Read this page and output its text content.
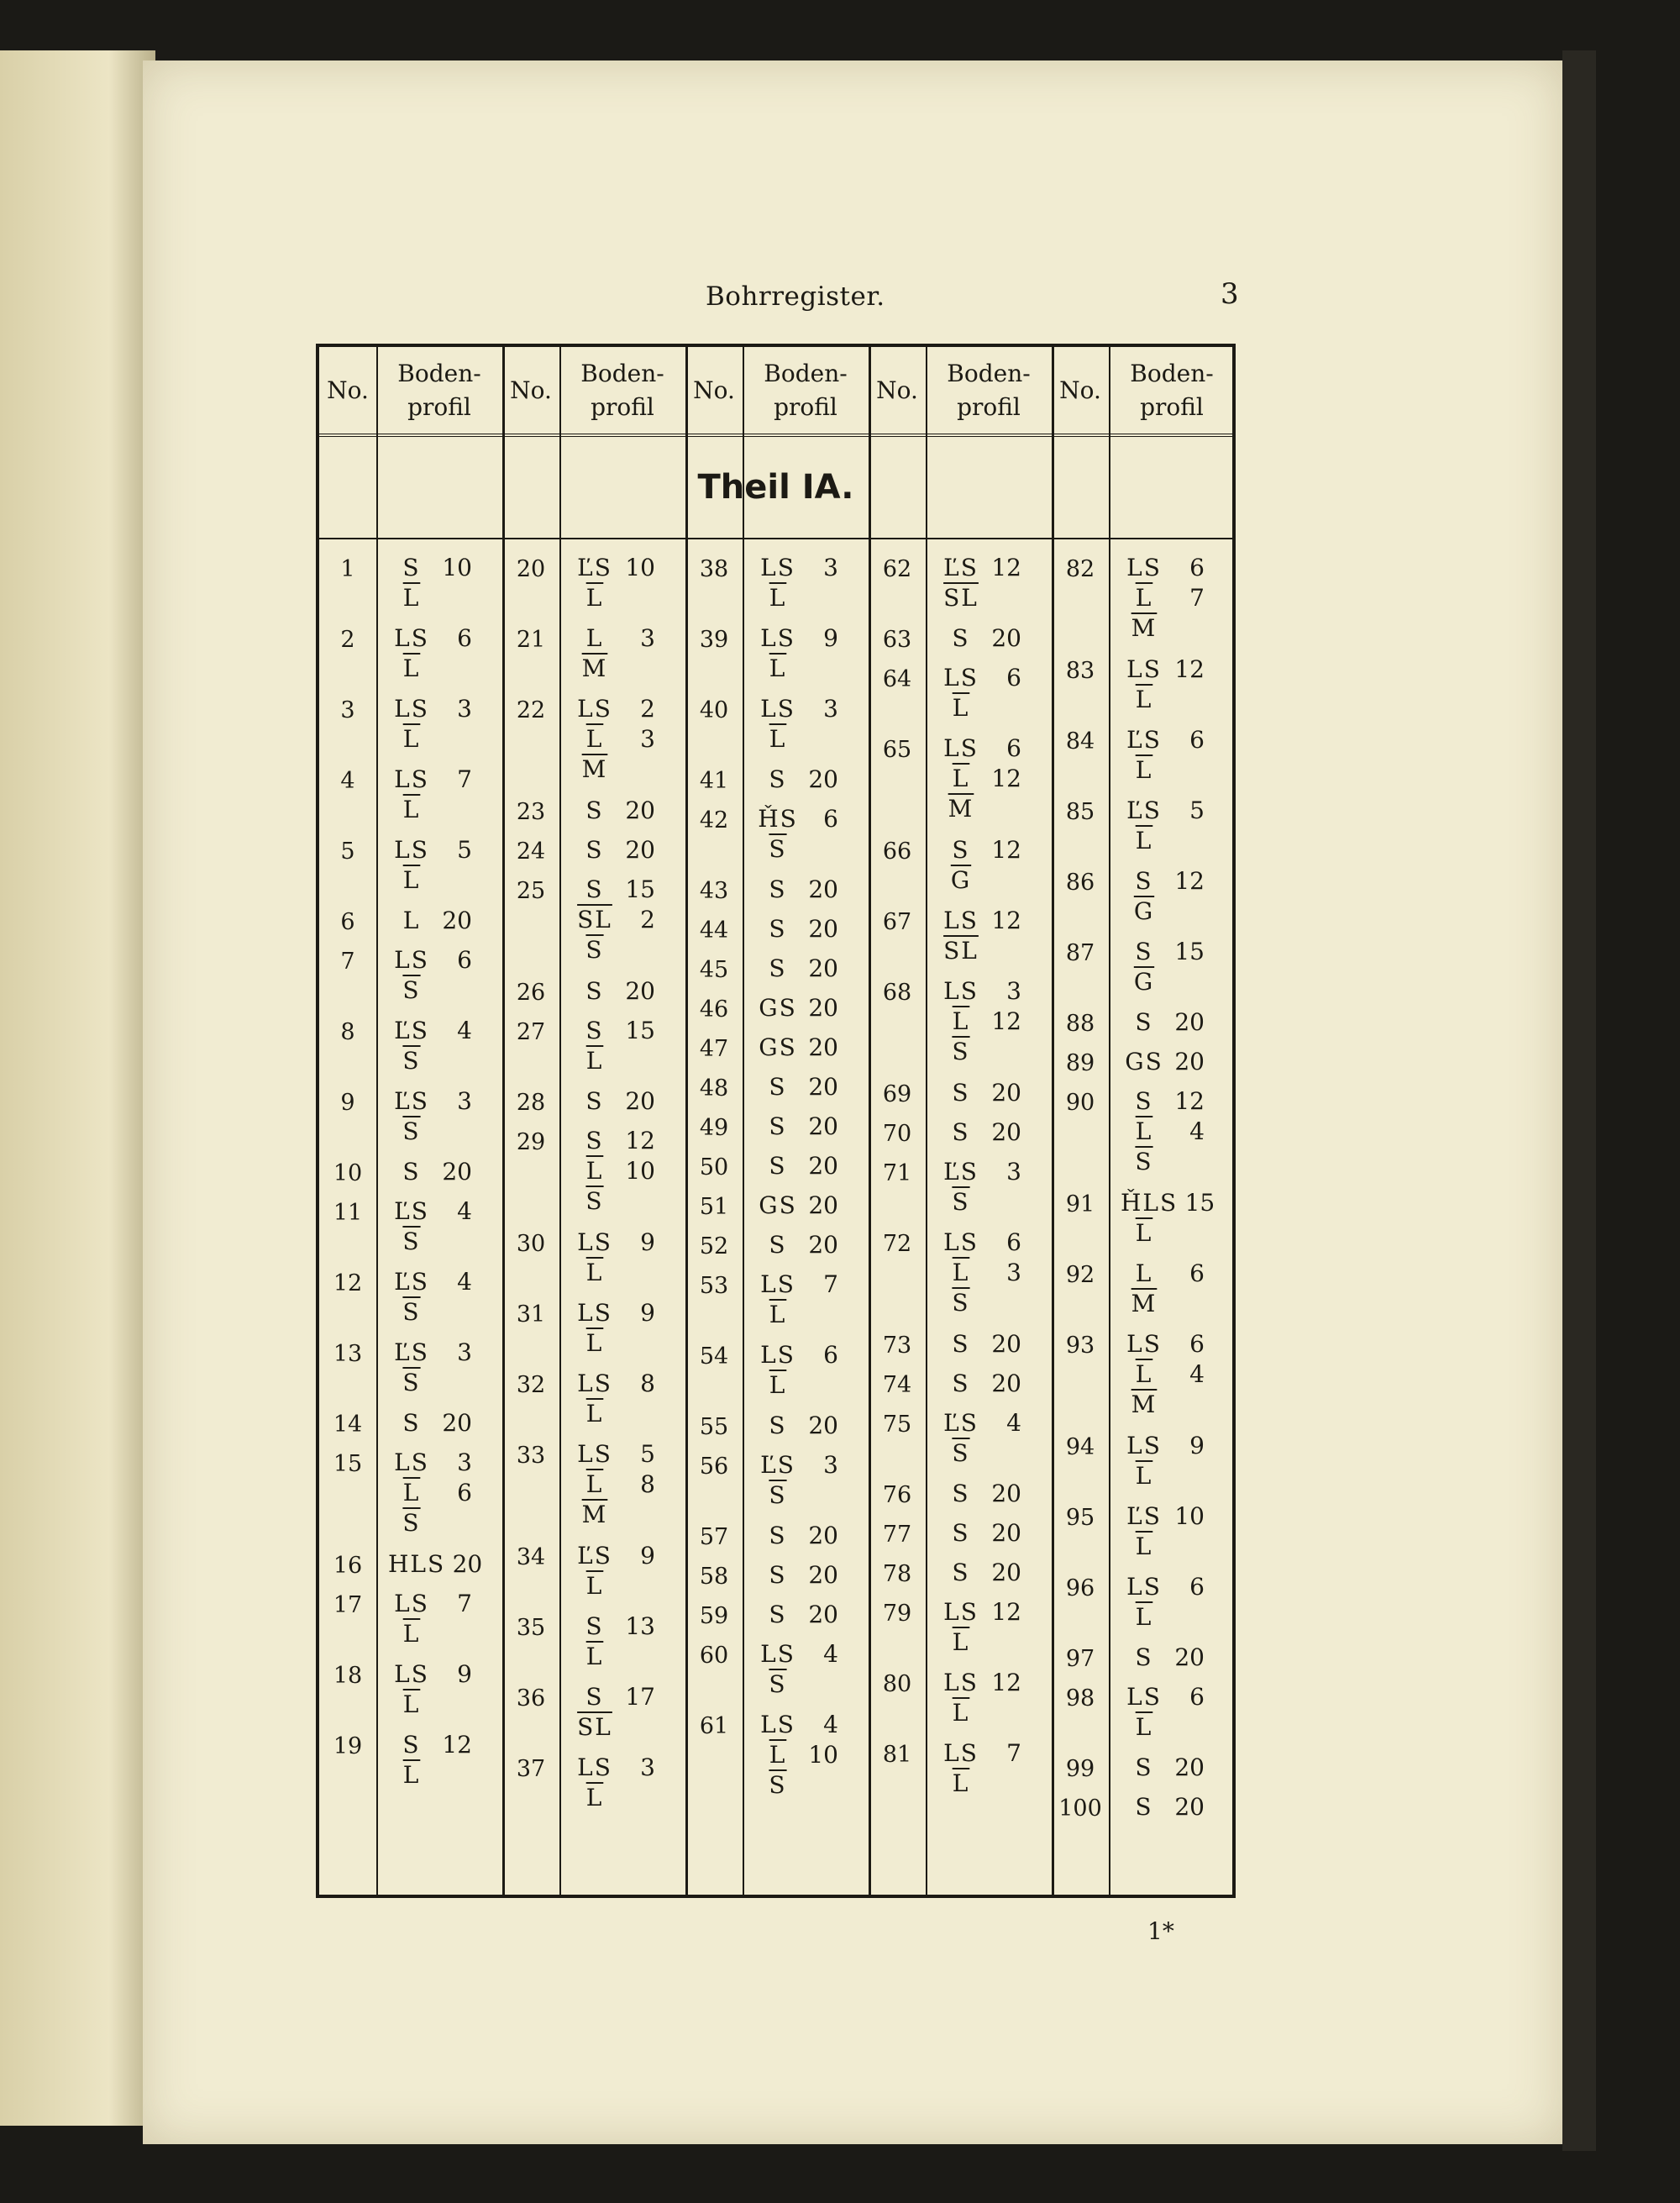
Bohrregister.	3
No.
Boden-
profil
No.
Boden-
profil
No.
Boden-
profil
No.
Boden-
profil
No.
Boden-
profil
Theil IA.
1	S 10
$\overline{L}$
2	LS	6
$\overline{L}$
3	LS	3
$\overline{L}$
4	LS	7
$\overline{L}$
5	LS	5
$\overline{L}$
6	L 20
7	LS	6
$\overline{S}$
8	ĽS	4
$\overline{S}$
9	ĽS	3
$\overline{S}$
10	S 20
11	ĽS	4
$\overline{S}$
12	ĽS	4
$\overline{S}$
13	ĽS	3
$\overline{S}$
14	S 20
15	LS	3
$\overline{L}$	6
$\overline{S}$
16	HLS 20
17	LS	7
$\overline{L}$
18	LS	9
$\overline{L}$
19	S 12
$\overline{L}$
20	ĽS 10
$\overline{L}$
21	L	3
$\overline{M}$
22	LS	2
$\overline{L}$	3
$\overline{M}$
23	S 20
24	S 20
25	S 15
$\overline{SL}$	2
$\overline{S}$
26	S 20
27	S 15
$\overline{L}$
28	S 20
29	S 12
$\overline{L}$ 10
$\overline{S}$
30	LS	9
$\overline{L}$
31	LS	9
$\overline{L}$
32	LS	8
$\overline{L}$
33	LS	5
$\overline{L}$	8
$\overline{M}$
34	ĽS	9
$\overline{L}$
35	S 13
$\overline{L}$
36	S 17
$\overline{SL}$
37	LS	3
$\overline{L}$
38	LS	3
$\overline{L}$
39	LS	9
$\overline{L}$
40	LS	3
$\overline{L}$
41	S 20
42	ȞS	6
$\overline{S}$
43	S 20
44	S 20
45	S 20
46	GS 20
47	GS 20
48	S 20
49	S 20
50	S 20
51	GS 20
52	S 20
53	LS	7
$\overline{L}$
54	LS	6
$\overline{L}$
55	S 20
56	ĽS	3
$\overline{S}$
57	S 20
58	S 20
59	S 20
60	LS	4
$\overline{S}$
61	LS	4
$\overline{L}$ 10
$\overline{S}$
62	ĽS 12
$\overline{SL}$
63	S 20
64	LS	6
$\overline{L}$
65	LS	6
$\overline{L}$ 12
$\overline{M}$
66	S 12
$\overline{G}$
67	LS 12
$\overline{SL}$
68	LS	3
$\overline{L}$ 12
$\overline{S}$
69	S 20
70	S 20
71	ĽS	3
$\overline{S}$
72	LS	6
$\overline{L}$	3
$\overline{S}$
73	S 20
74	S 20
75	ĽS	4
$\overline{S}$
76	S 20
77	S 20
78	S 20
79	LS 12
$\overline{L}$
80	LS 12
$\overline{L}$
81	LS	7
$\overline{L}$
82	LS	6
$\overline{L}$	7
$\overline{M}$
83	LS 12
$\overline{L}$
84	ĽS	6
$\overline{L}$
85	ĽS	5
$\overline{L}$
86	S 12
$\overline{G}$
87	S 15
$\overline{G}$
88	S 20
89	GS 20
90	S 12
$\overline{L}$	4
$\overline{S}$
91	ȞLS 15
$\overline{L}$
92	L	6
$\overline{M}$
93	LS	6
$\overline{L}$	4
$\overline{M}$
94	LS	9
$\overline{L}$
95	ĽS 10
$\overline{L}$
96	LS	6
$\overline{L}$
97	S 20
98	LS	6
$\overline{L}$
99	S 20
100	S 20
1*
